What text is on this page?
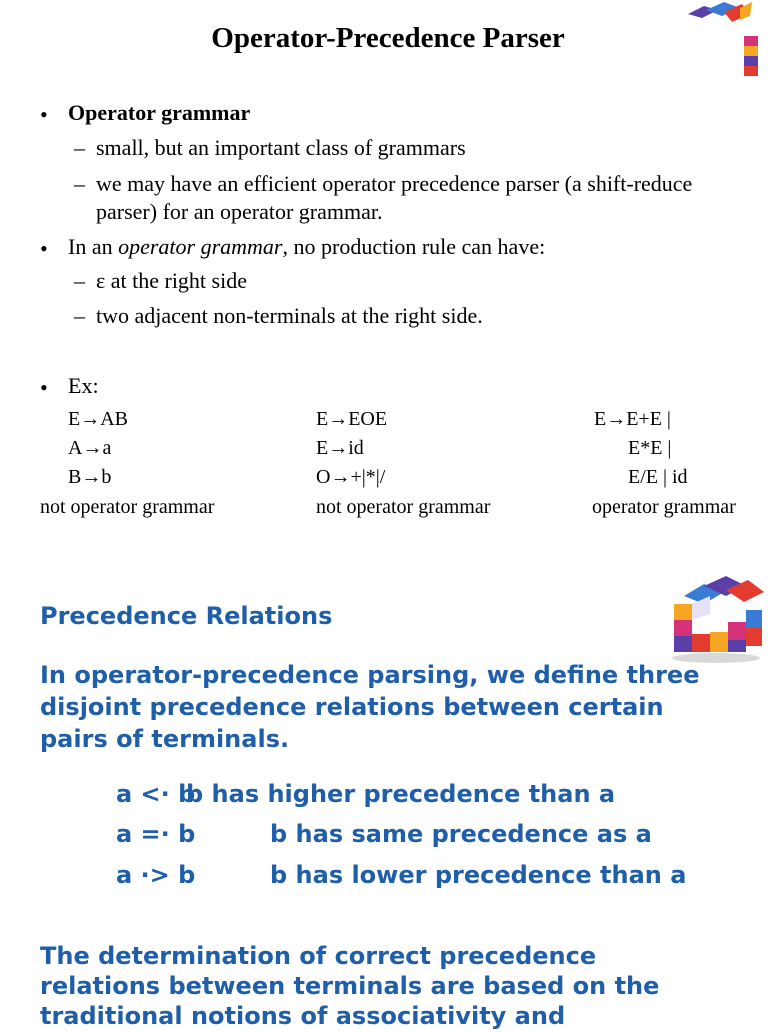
Operator-Precedence Parser
• Operator grammar
– small, but an important class of grammars
– we may have an efficient operator precedence parser (a shift-reduce
parser) for an operator grammar.
• In an operator grammar, no production rule can have:
– ε at the right side
– two adjacent non-terminals at the right side.
• Ex:
E→AB
A→a
B→b
not operator grammar
E→EOE
E→id
O→+|*|/
not operator grammar
E→E+E |
E*E |
E/E | id
operator grammar
Precedence Relations
In operator-precedence parsing, we define three
disjoint precedence relations between certain
pairs of terminals.
a <· b
b has higher precedence than a
a =· b	b has same precedence as a
a ·> b	b has lower precedence than a
The determination of correct precedence
relations between terminals are based on the
traditional notions of associativity and
